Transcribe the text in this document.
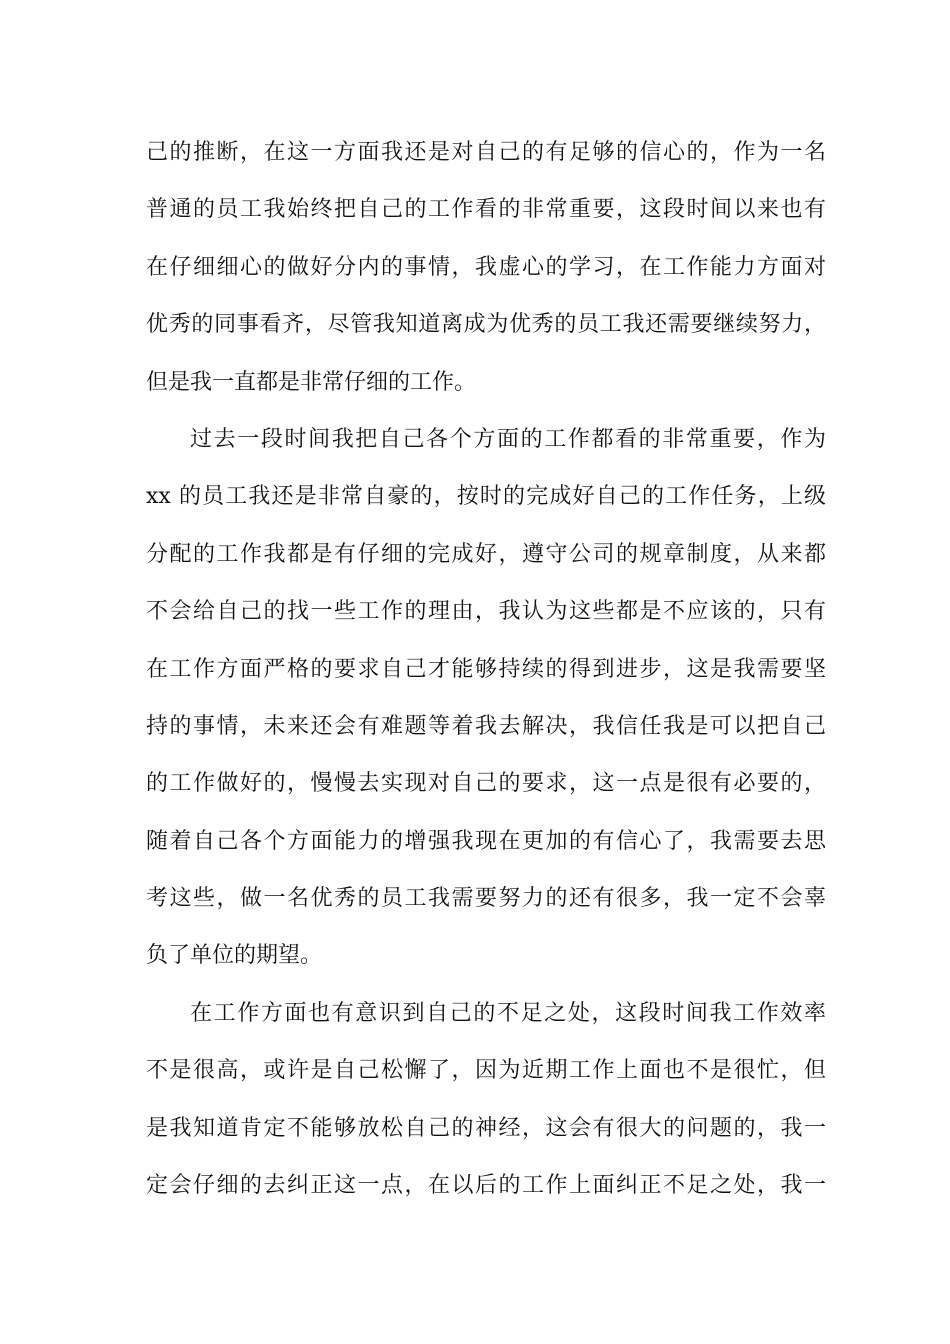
己的推断，在这一方面我还是对自己的有足够的信心的，作为一名
普通的员工我始终把自己的工作看的非常重要，这段时间以来也有
在仔细细心的做好分内的事情，我虚心的学习，在工作能力方面对
优秀的同事看齐，尽管我知道离成为优秀的员工我还需要继续努力，
但是我一直都是非常仔细的工作。
过去一段时间我把自己各个方面的工作都看的非常重要，作为
xx 的员工我还是非常自豪的，按时的完成好自己的工作任务，上级
分配的工作我都是有仔细的完成好，遵守公司的规章制度，从来都
不会给自己的找一些工作的理由，我认为这些都是不应该的，只有
在工作方面严格的要求自己才能够持续的得到进步，这是我需要坚
持的事情，未来还会有难题等着我去解决，我信任我是可以把自己
的工作做好的，慢慢去实现对自己的要求，这一点是很有必要的，
随着自己各个方面能力的增强我现在更加的有信心了，我需要去思
考这些，做一名优秀的员工我需要努力的还有很多，我一定不会辜
负了单位的期望。
在工作方面也有意识到自己的不足之处，这段时间我工作效率
不是很高，或许是自己松懈了，因为近期工作上面也不是很忙，但
是我知道肯定不能够放松自己的神经，这会有很大的问题的，我一
定会仔细的去纠正这一点，在以后的工作上面纠正不足之处，我一
